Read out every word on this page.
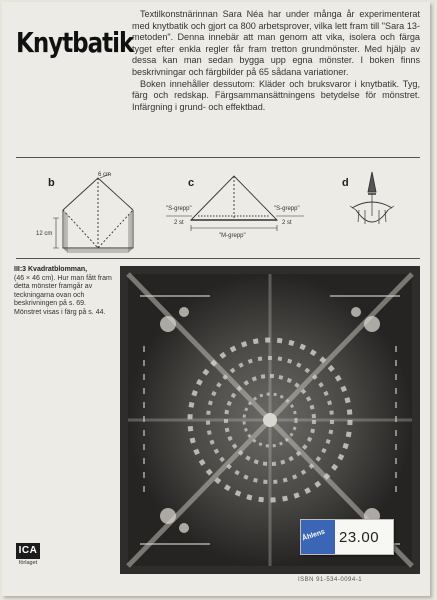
Knytbatik

Textilkonstnärinnan Sara Néa har under många år experimenterat med knytbatik och gjort ca 800 arbetsprover, vilka lett fram till "Sara 13-metoden". Denna innebär att man genom att vika, isolera och färga tyget efter enkla regler får fram tretton grundmönster. Med hjälp av dessa kan man sedan bygga upp egna mönster. I boken finns beskrivningar och färgbilder på 65 sådana variationer.

Boken innehåller dessutom: Kläder och bruksvaror i knytbatik. Tyg, färg och redskap. Färgsammansättningens betydelse för mönstret. Infärgning i grund- och effektbad.

b
6 cm
12 cm
c
"S-grepp"	"S-grepp"
2 st	2 st
"M-grepp"
d
III:3 Kvadratblomman,
(46 × 46 cm). Hur man fått fram detta mönster framgår av teckningarna ovan och beskrivningen på s. 69. Mönstret visas i färg på s. 44.
Åhlens 23.00
ICA
förlaget
ISBN 91-534-0094-1
